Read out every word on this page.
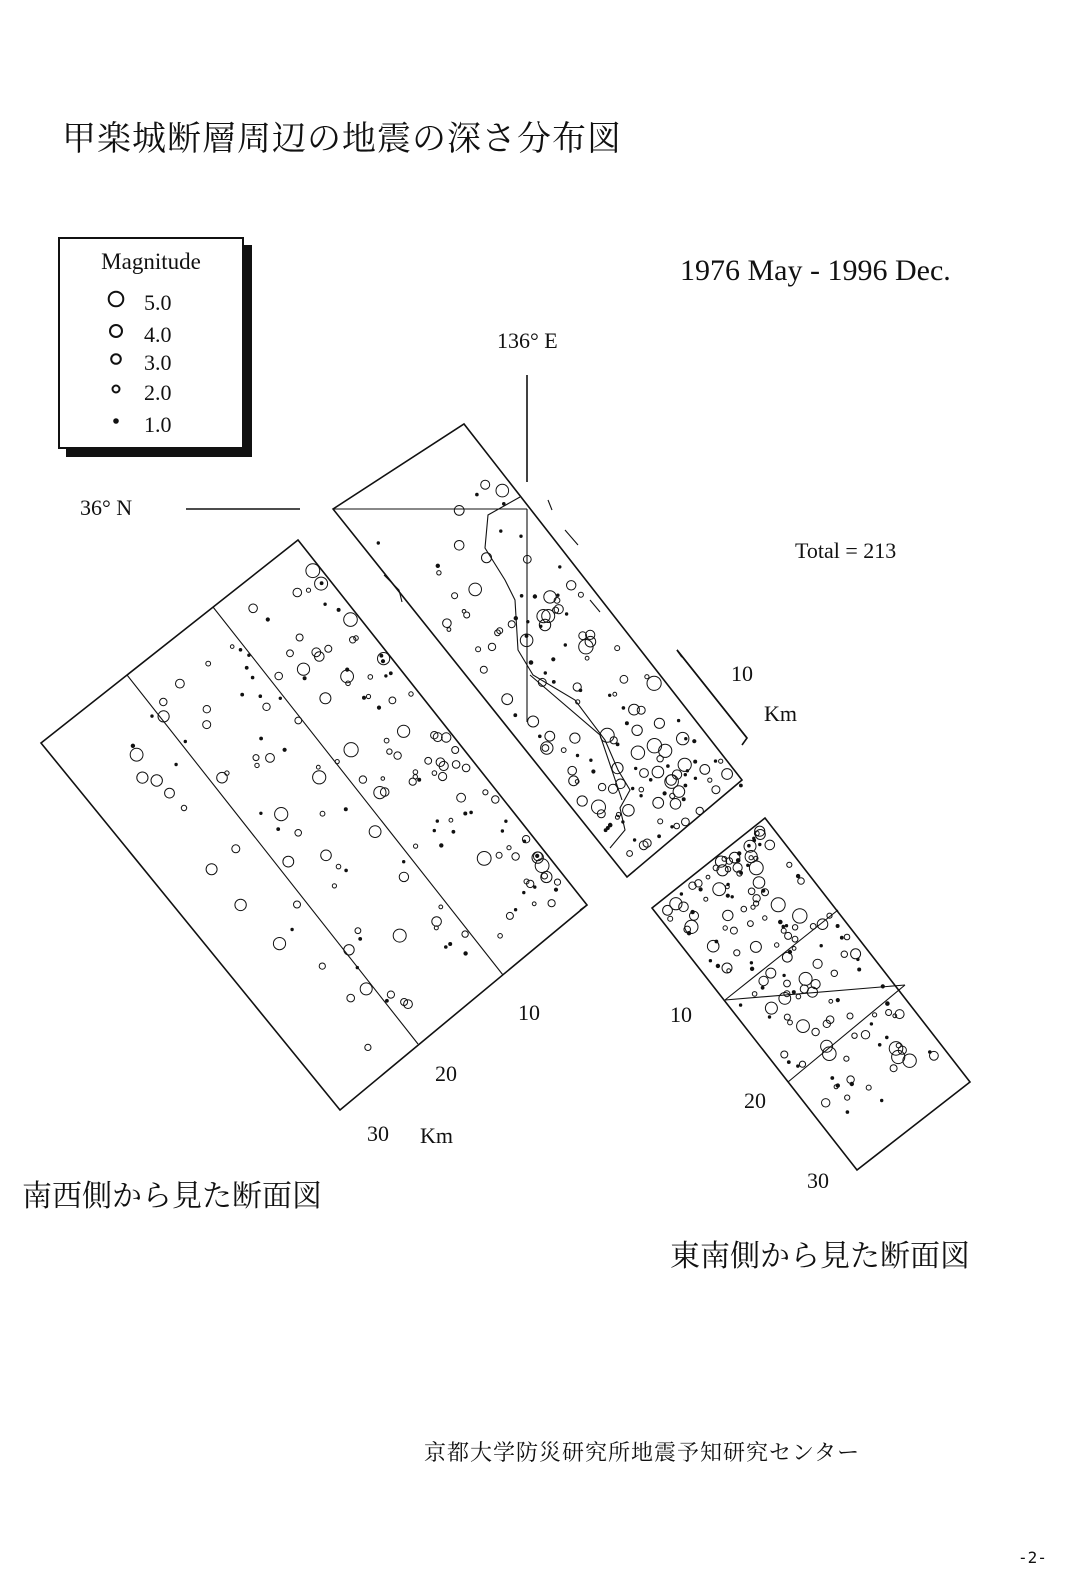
甲楽城断層周辺の地震の深さ分布図
1976 May - 1996 Dec.
136° E
36° N
Total = 213
10
Km
Magnitude
5.0
4.0
3.0
2.0
1.0
10
20
30 Km
10
20
30
南西側から見た断面図
東南側から見た断面図
京都大学防災研究所地震予知研究センター
-2-
